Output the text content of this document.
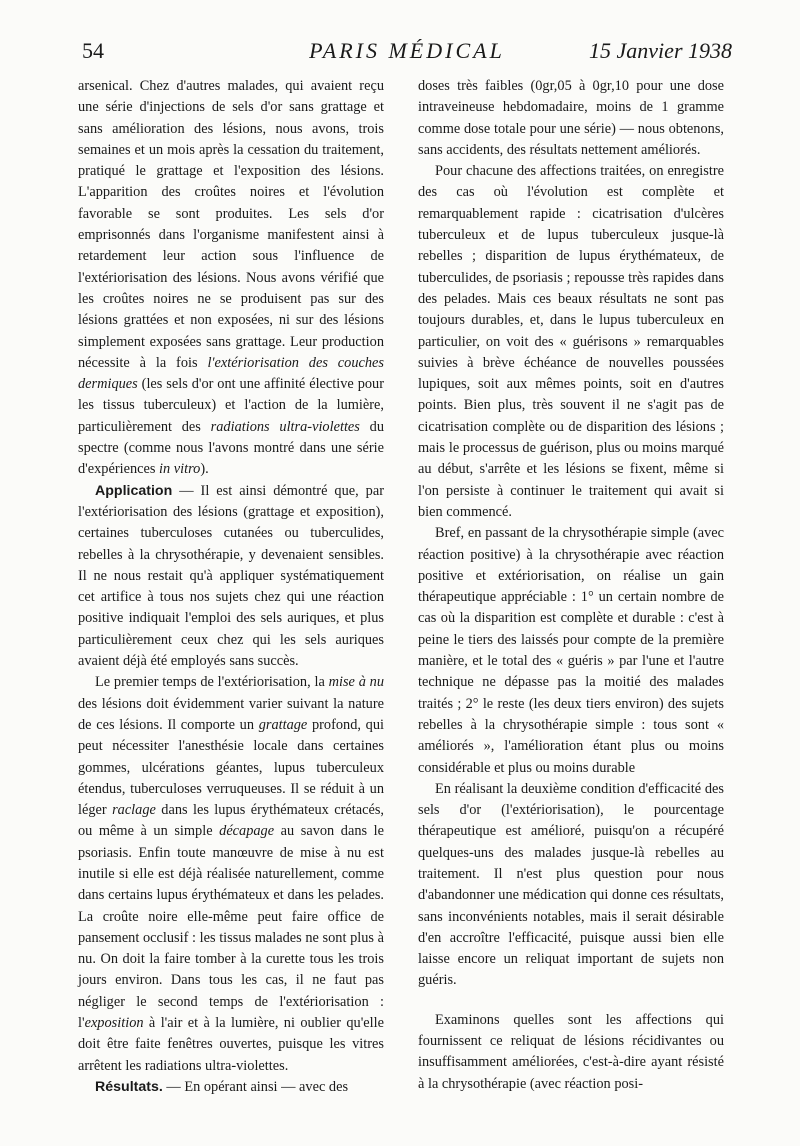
54	PARIS MÉDICAL	15 Janvier 1938

arsenical. Chez d'autres malades, qui avaient reçu une série d'injections de sels d'or sans grattage et sans amélioration des lésions, nous avons, trois semaines et un mois après la cessation du traitement, pratiqué le grattage et l'exposition des lésions. L'apparition des croûtes noires et l'évolution favorable se sont produites. Les sels d'or emprisonnés dans l'organisme manifestent ainsi à retardement leur action sous l'influence de l'extériorisation des lésions. Nous avons vérifié que les croûtes noires ne se produisent pas sur des lésions grattées et non exposées, ni sur des lésions simplement exposées sans grattage. Leur production nécessite à la fois l'extériorisation des couches dermiques (les sels d'or ont une affinité élective pour les tissus tuberculeux) et l'action de la lumière, particulièrement des radiations ultra-violettes du spectre (comme nous l'avons montré dans une série d'expériences in vitro).

Application — Il est ainsi démontré que, par l'extériorisation des lésions (grattage et exposition), certaines tuberculoses cutanées ou tuberculides, rebelles à la chrysothérapie, y devenaient sensibles. Il ne nous restait qu'à appliquer systématiquement cet artifice à tous nos sujets chez qui une réaction positive indiquait l'emploi des sels auriques, et plus particulièrement ceux chez qui les sels auriques avaient déjà été employés sans succès.

Le premier temps de l'extériorisation, la mise à nu des lésions doit évidemment varier suivant la nature de ces lésions. Il comporte un grattage profond, qui peut nécessiter l'anesthésie locale dans certaines gommes, ulcérations géantes, lupus tuberculeux étendus, tuberculoses verruqueuses. Il se réduit à un léger raclage dans les lupus érythémateux crétacés, ou même à un simple décapage au savon dans le psoriasis. Enfin toute manœuvre de mise à nu est inutile si elle est déjà réalisée naturellement, comme dans certains lupus érythémateux et dans les pelades. La croûte noire elle-même peut faire office de pansement occlusif : les tissus malades ne sont plus à nu. On doit la faire tomber à la curette tous les trois jours environ. Dans tous les cas, il ne faut pas négliger le second temps de l'extériorisation : l'exposition à l'air et à la lumière, ni oublier qu'elle doit être faite fenêtres ouvertes, puisque les vitres arrêtent les radiations ultra-violettes.

Résultats. — En opérant ainsi — avec des

doses très faibles (0gr,05 à 0gr,10 pour une dose intraveineuse hebdomadaire, moins de 1 gramme comme dose totale pour une série) — nous obtenons, sans accidents, des résultats nettement améliorés.

Pour chacune des affections traitées, on enregistre des cas où l'évolution est complète et remarquablement rapide : cicatrisation d'ulcères tuberculeux et de lupus tuberculeux jusque-là rebelles ; disparition de lupus érythémateux, de tuberculides, de psoriasis ; repousse très rapides dans des pelades. Mais ces beaux résultats ne sont pas toujours durables, et, dans le lupus tuberculeux en particulier, on voit des « guérisons » remarquables suivies à brève échéance de nouvelles poussées lupiques, soit aux mêmes points, soit en d'autres points. Bien plus, très souvent il ne s'agit pas de cicatrisation complète ou de disparition des lésions ; mais le processus de guérison, plus ou moins marqué au début, s'arrête et les lésions se fixent, même si l'on persiste à continuer le traitement qui avait si bien commencé.

Bref, en passant de la chrysothérapie simple (avec réaction positive) à la chrysothérapie avec réaction positive et extériorisation, on réalise un gain thérapeutique appréciable : 1° un certain nombre de cas où la disparition est complète et durable : c'est à peine le tiers des laissés pour compte de la première manière, et le total des « guéris » par l'une et l'autre technique ne dépasse pas la moitié des malades traités ; 2° le reste (les deux tiers environ) des sujets rebelles à la chrysothérapie simple : tous sont « améliorés », l'amélioration étant plus ou moins considérable et plus ou moins durable

En réalisant la deuxième condition d'efficacité des sels d'or (l'extériorisation), le pourcentage thérapeutique est amélioré, puisqu'on a récupéré quelques-uns des malades jusque-là rebelles au traitement. Il n'est plus question pour nous d'abandonner une médication qui donne ces résultats, sans inconvénients notables, mais il serait désirable d'en accroître l'efficacité, puisque aussi bien elle laisse encore un reliquat important de sujets non guéris.

Examinons quelles sont les affections qui fournissent ce reliquat de lésions récidivantes ou insuffisamment améliorées, c'est-à-dire ayant résisté à la chrysothérapie (avec réaction posi-
